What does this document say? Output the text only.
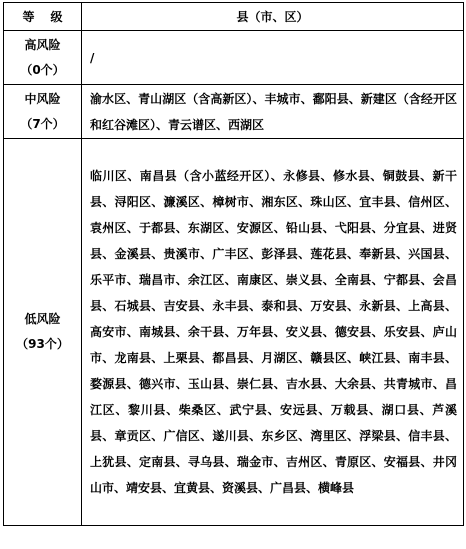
等级	县（市、区）

高风险
（0个）	/

中风险
（7个）	渝水区、青山湖区（含高新区）、丰城市、鄱阳县、新建区（含经开区和红谷滩区）、青云谱区、西湖区

低风险
（93个）	临川区、南昌县（含小蓝经开区）、永修县、修水县、铜鼓县、新干县、浔阳区、濂溪区、樟树市、湘东区、珠山区、宜丰县、信州区、袁州区、于都县、东湖区、安源区、铅山县、弋阳县、分宜县、进贤县、金溪县、贵溪市、广丰区、彭泽县、莲花县、奉新县、兴国县、乐平市、瑞昌市、余江区、南康区、崇义县、全南县、宁都县、会昌县、石城县、吉安县、永丰县、泰和县、万安县、永新县、上高县、高安市、南城县、余干县、万年县、安义县、德安县、乐安县、庐山市、龙南县、上栗县、都昌县、月湖区、赣县区、峡江县、南丰县、婺源县、德兴市、玉山县、崇仁县、吉水县、大余县、共青城市、昌江区、黎川县、柴桑区、武宁县、安远县、万载县、湖口县、芦溪县、章贡区、广信区、遂川县、东乡区、湾里区、浮梁县、信丰县、上犹县、定南县、寻乌县、瑞金市、吉州区、青原区、安福县、井冈山市、靖安县、宜黄县、资溪县、广昌县、横峰县
